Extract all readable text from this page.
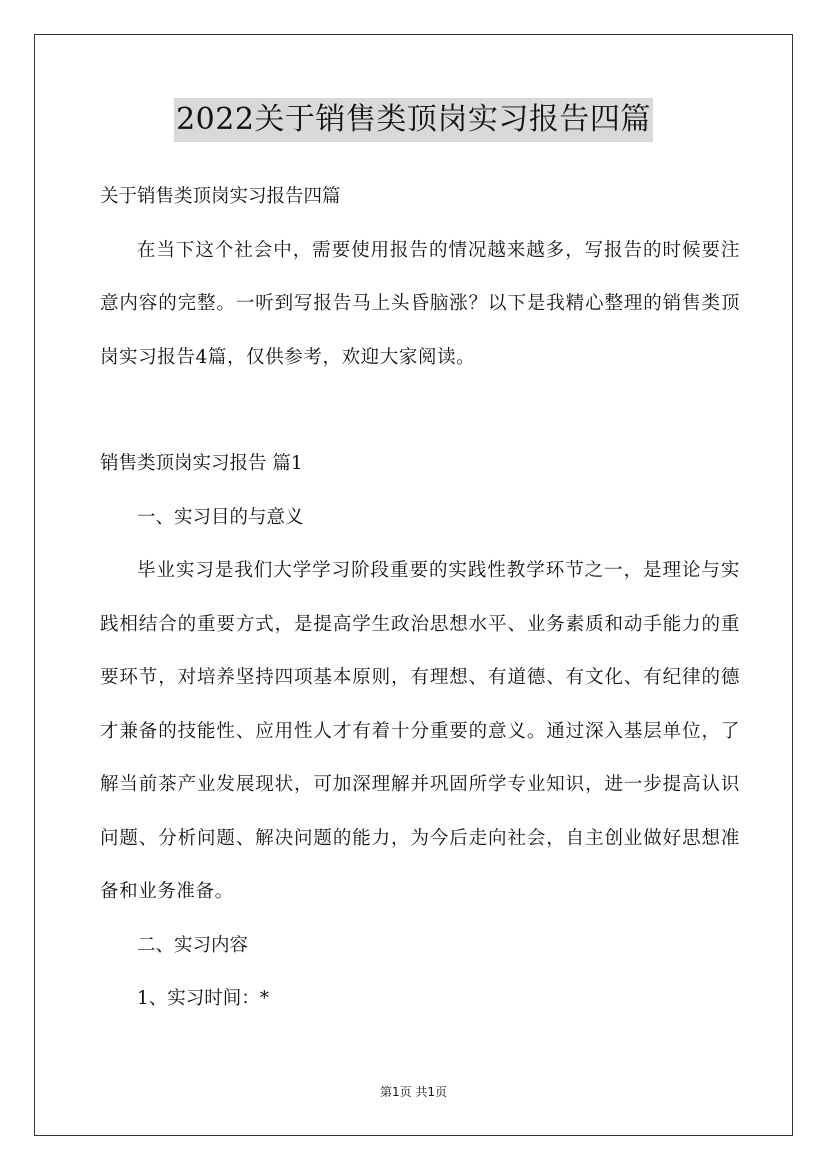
2022关于销售类顶岗实习报告四篇

关于销售类顶岗实习报告四篇

在当下这个社会中，需要使用报告的情况越来越多，写报告的时候要注意内容的完整。一听到写报告马上头昏脑涨？以下是我精心整理的销售类顶岗实习报告4篇，仅供参考，欢迎大家阅读。

销售类顶岗实习报告 篇1

一、实习目的与意义

毕业实习是我们大学学习阶段重要的实践性教学环节之一，是理论与实践相结合的重要方式，是提高学生政治思想水平、业务素质和动手能力的重要环节，对培养坚持四项基本原则，有理想、有道德、有文化、有纪律的德才兼备的技能性、应用性人才有着十分重要的意义。通过深入基层单位，了解当前茶产业发展现状，可加深理解并巩固所学专业知识，进一步提高认识问题、分析问题、解决问题的能力，为今后走向社会，自主创业做好思想准备和业务准备。

二、实习内容

1、实习时间：*

第1页 共1页
